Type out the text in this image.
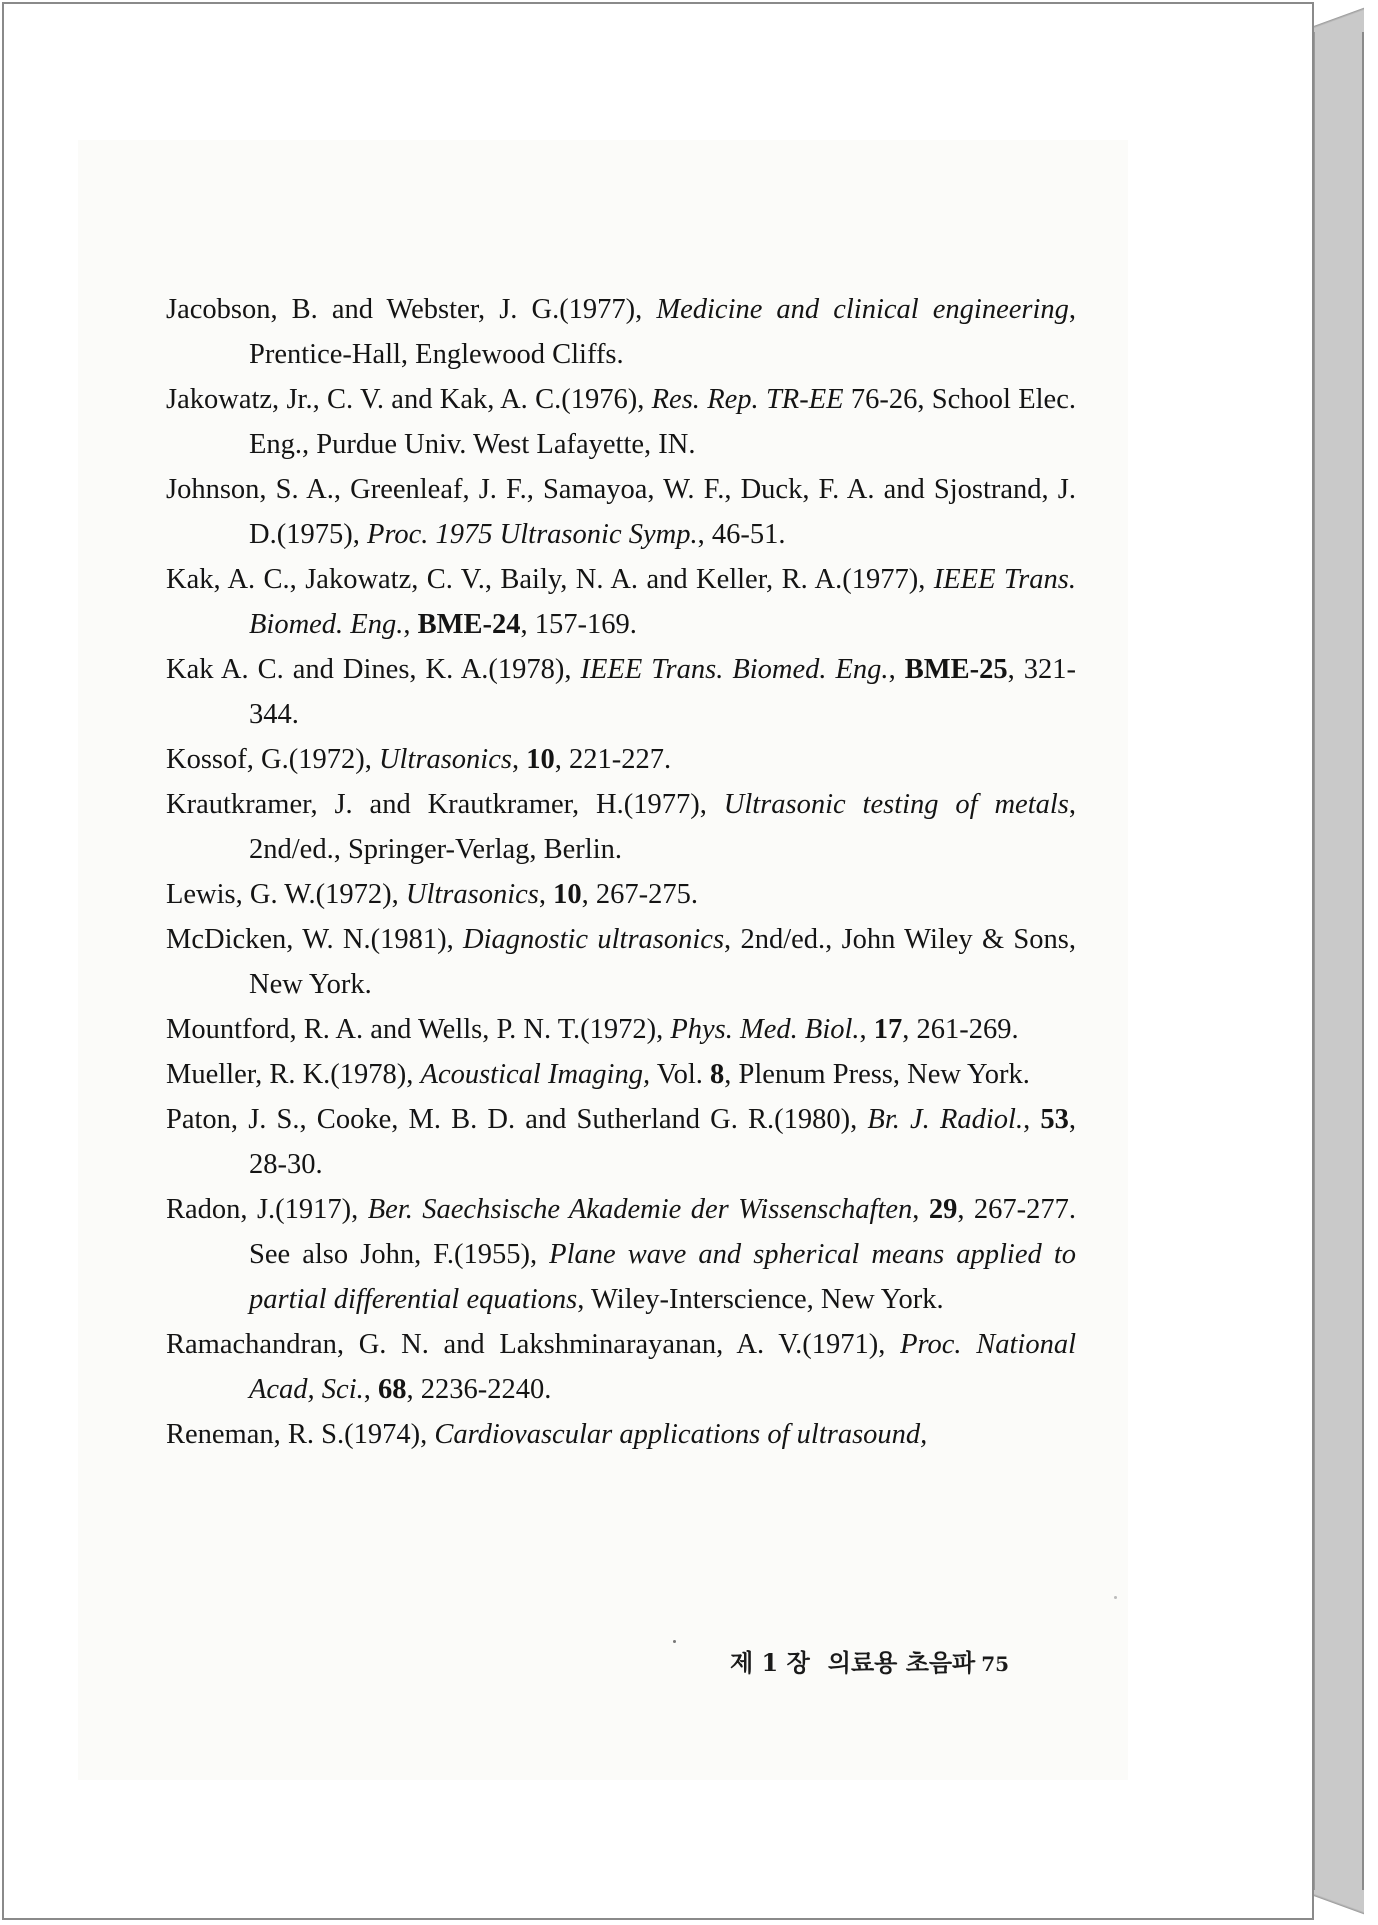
Jacobson, B. and Webster, J. G.(1977), Medicine and clinical engineering, Prentice-Hall, Englewood Cliffs.

Jakowatz, Jr., C. V. and Kak, A. C.(1976), Res. Rep. TR-EE 76-26, School Elec. Eng., Purdue Univ. West Lafayette, IN.

Johnson, S. A., Greenleaf, J. F., Samayoa, W. F., Duck, F. A. and Sjostrand, J. D.(1975), Proc. 1975 Ultrasonic Symp., 46-51.

Kak, A. C., Jakowatz, C. V., Baily, N. A. and Keller, R. A.(1977), IEEE Trans. Biomed. Eng., BME-24, 157-169.

Kak A. C. and Dines, K. A.(1978), IEEE Trans. Biomed. Eng., BME-25, 321-344.

Kossof, G.(1972), Ultrasonics, 10, 221-227.

Krautkramer, J. and Krautkramer, H.(1977), Ultrasonic testing of metals, 2nd/ed., Springer-Verlag, Berlin.

Lewis, G. W.(1972), Ultrasonics, 10, 267-275.

McDicken, W. N.(1981), Diagnostic ultrasonics, 2nd/ed., John Wiley & Sons, New York.

Mountford, R. A. and Wells, P. N. T.(1972), Phys. Med. Biol., 17, 261-269.

Mueller, R. K.(1978), Acoustical Imaging, Vol. 8, Plenum Press, New York.

Paton, J. S., Cooke, M. B. D. and Sutherland G. R.(1980), Br. J. Radiol., 53, 28-30.

Radon, J.(1917), Ber. Saechsische Akademie der Wissenschaften, 29, 267-277. See also John, F.(1955), Plane wave and spherical means applied to partial differential equations, Wiley-Interscience, New York.

Ramachandran, G. N. and Lakshminarayanan, A. V.(1971), Proc. National Acad, Sci., 68, 2236-2240.

Reneman, R. S.(1974), Cardiovascular applications of ultrasound,

제 1 장 의료용 초음파 75
